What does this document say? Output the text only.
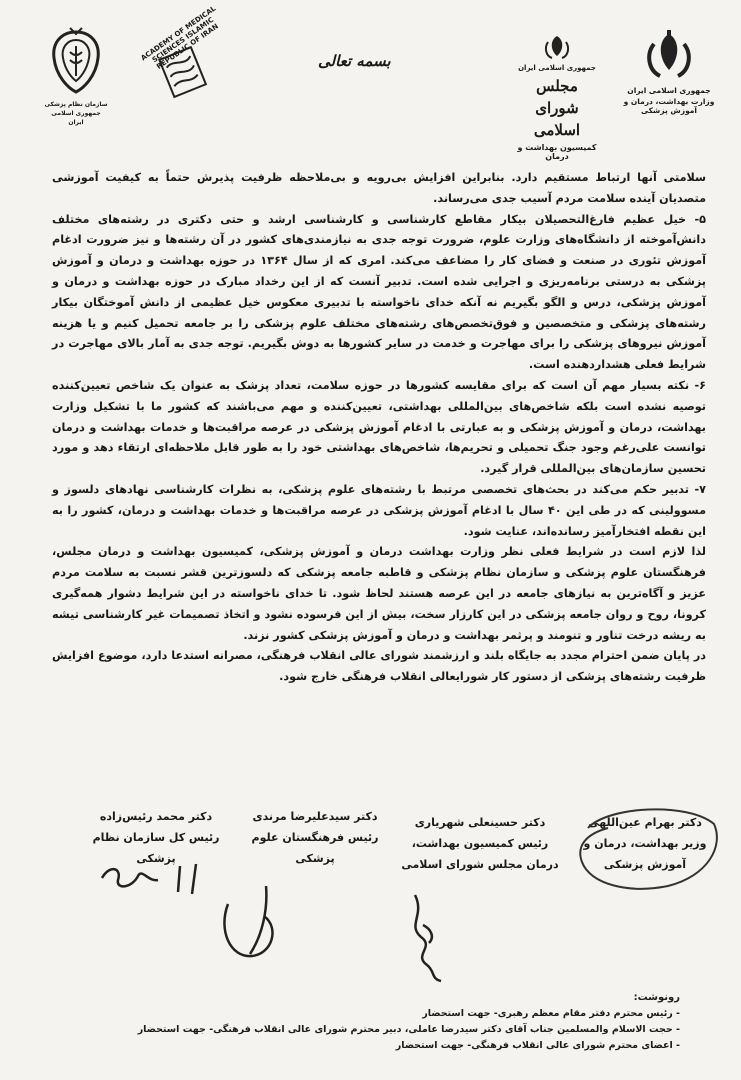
سازمان نظام پزشکی جمهوری اسلامی ایران
ACADEMY OF MEDICAL SCIENCES ISLAMIC REPUBLIC OF IRAN	بسمه تعالی	جمهوری اسلامی ایران
مجلس شورای اسلامی
کمیسیون بهداشت و درمان
جمهوری اسلامی ایران
وزارت بهداشت، درمان و آموزش پزشکی

سلامتی آنها ارتباط مستقیم دارد. بنابراین افزایش بی‌رویه و بی‌ملاحظه ظرفیت پذیرش حتماً به کیفیت آموزشی متصدیان آینده سلامت مردم آسیب جدی می‌رساند.

۵- خیل عظیم فارغ‌التحصیلان بیکار مقاطع کارشناسی و کارشناسی ارشد و حتی دکتری در رشته‌های مختلف دانش‌آموخته از دانشگاه‌های وزارت علوم، ضرورت توجه جدی به نیازمندی‌های کشور در آن رشته‌ها و نیز ضرورت ادغام آموزش تئوری در صنعت و فضای کار را مضاعف می‌کند. امری که از سال ۱۳۶۴ در حوزه بهداشت و درمان و آموزش پزشکی به درستی برنامه‌ریزی و اجرایی شده است. تدبیر آنست که از این رخداد مبارک در حوزه بهداشت و درمان و آموزش پزشکی، درس و الگو بگیریم نه آنکه خدای ناخواسته با تدبیری معکوس خیل عظیمی از دانش آموختگان بیکار رشته‌های پزشکی و متخصصین و فوق‌تخصص‌های رشته‌های مختلف علوم پزشکی را بر جامعه تحمیل کنیم و یا هزینه آموزش نیروهای پزشکی را برای مهاجرت و خدمت در سایر کشورها به دوش بگیریم. توجه جدی به آمار بالای مهاجرت در شرایط فعلی هشداردهنده است.

۶- نکته بسیار مهم آن است که برای مقایسه کشورها در حوزه سلامت، تعداد پزشک به عنوان یک شاخص تعیین‌کننده توصیه نشده است بلکه شاخص‌های بین‌المللی بهداشتی، تعیین‌کننده و مهم می‌باشند که کشور ما با تشکیل وزارت بهداشت، درمان و آموزش پزشکی و به عبارتی با ادغام آموزش پزشکی در عرصه مراقبت‌ها و خدمات بهداشت و درمان توانست علی‌رغم وجود جنگ تحمیلی و تحریم‌ها، شاخص‌های بهداشتی خود را به طور قابل ملاحظه‌ای ارتقاء دهد و مورد تحسین سازمان‌های بین‌المللی قرار گیرد.

۷- تدبیر حکم می‌کند در بحث‌های تخصصی مرتبط با رشته‌های علوم پزشکی، به نظرات کارشناسی نهادهای دلسوز و مسوولینی که در طی این ۴۰ سال با ادغام آموزش پزشکی در عرصه مراقبت‌ها و خدمات بهداشت و درمان، کشور را به این نقطه افتخارآمیز رسانده‌اند، عنایت شود.

لذا لازم است در شرایط فعلی نظر وزارت بهداشت درمان و آموزش پزشکی، کمیسیون بهداشت و درمان مجلس، فرهنگستان علوم پزشکی و سازمان نظام پزشکی و قاطبه جامعه پزشکی که دلسوزترین قشر نسبت به سلامت مردم عزیز و آگاه‌ترین به نیازهای جامعه در این عرصه هستند لحاظ شود. تا خدای ناخواسته در این شرایط دشوار همه‌گیری کرونا، روح و روان جامعه پزشکی در این کارزار سخت، بیش از این فرسوده نشود و اتخاذ تصمیمات غیر کارشناسی تیشه به ریشه درخت تناور و تنومند و پرثمر بهداشت و درمان و آموزش پزشکی کشور نزند.

در پایان ضمن احترام مجدد به جایگاه بلند و ارزشمند شورای عالی انقلاب فرهنگی، مصرانه استدعا دارد، موضوع افزایش ظرفیت رشته‌های پزشکی از دستور کار شورایعالی انقلاب فرهنگی خارج شود.

دکتر بهرام عین‌اللهی
وزیر بهداشت، درمان و
آموزش پزشکی
دکتر حسینعلی شهریاری
رئیس کمیسیون بهداشت،
درمان مجلس شورای اسلامی
دکتر سیدعلیرضا مرندی
رئیس فرهنگستان علوم
پزشکی
دکتر محمد رئیس‌زاده
رئیس کل سازمان نظام
پزشکی
رونوشت:
- رئیس محترم دفتر مقام معظم رهبری- جهت استحضار
- حجت الاسلام والمسلمین جناب آقای دکتر سیدرضا عاملی، دبیر محترم شورای عالی انقلاب فرهنگی- جهت استحضار
- اعضای محترم شورای عالی انقلاب فرهنگی- جهت استحضار
